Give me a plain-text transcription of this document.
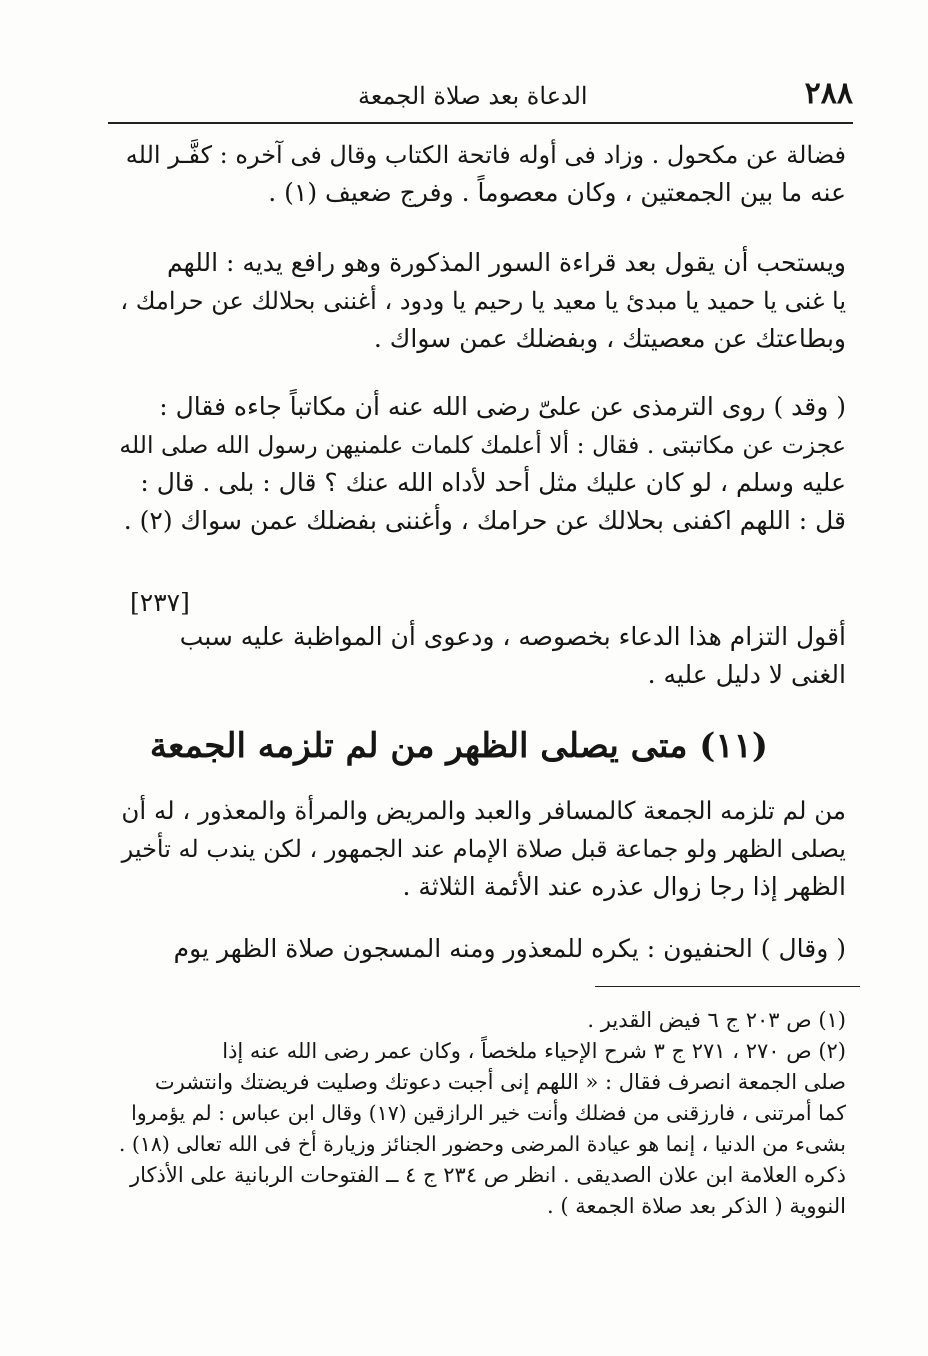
٢٨٨
الدعاة بعد صلاة الجمعة

فضالة عن مكحول . وزاد فى أوله فاتحة الكتاب وقال فى آخره : كفَّـر الله
عنه ما بين الجمعتين ، وكان معصوماً . وفرج ضعيف (١) .

ويستحب أن يقول بعد قراءة السور المذكورة وهو رافع يديه : اللهم
يا غنى يا حميد يا مبدئ يا معيد يا رحيم يا ودود ، أغننى بحلالك عن حرامك ،
وبطاعتك عن معصيتك ، وبفضلك عمن سواك .

( وقد ) روى الترمذى عن علىّ رضى الله عنه أن مكاتباً جاءه فقال :
عجزت عن مكاتبتى . فقال : ألا أعلمك كلمات علمنيهن رسول الله صلى الله
عليه وسلم ، لو كان عليك مثل أحد لأداه الله عنك ؟ قال : بلى . قال :
قل : اللهم اكفنى بحلالك عن حرامك ، وأغننى بفضلك عمن سواك (٢) .

[٢٣٧]

أقول التزام هذا الدعاء بخصوصه ، ودعوى أن المواظبة عليه سبب
الغنى لا دليل عليه .

(١١) متى يصلى الظهر من لم تلزمه الجمعة

من لم تلزمه الجمعة كالمسافر والعبد والمريض والمرأة والمعذور ، له أن
يصلى الظهر ولو جماعة قبل صلاة الإمام عند الجمهور ، لكن يندب له تأخير
الظهر إذا رجا زوال عذره عند الأئمة الثلاثة .

( وقال ) الحنفيون : يكره للمعذور ومنه المسجون صلاة الظهر يوم

(١) ص ٢٠٣ ج ٦ فيض القدير .
(٢) ص ٢٧٠ ، ٢٧١ ج ٣ شرح الإحياء ملخصاً ، وكان عمر رضى الله عنه إذا
صلى الجمعة انصرف فقال : « اللهم إنى أجبت دعوتك وصليت فريضتك وانتشرت
كما أمرتنى ، فارزقنى من فضلك وأنت خير الرازقين (١٧) وقال ابن عباس : لم يؤمروا
بشىء من الدنيا ، إنما هو عيادة المرضى وحضور الجنائز وزيارة أخ فى الله تعالى (١٨) .
ذكره العلامة ابن علان الصديقى . انظر ص ٢٣٤ ج ٤ ــ الفتوحات الربانية على الأذكار
النووية ( الذكر بعد صلاة الجمعة ) .
